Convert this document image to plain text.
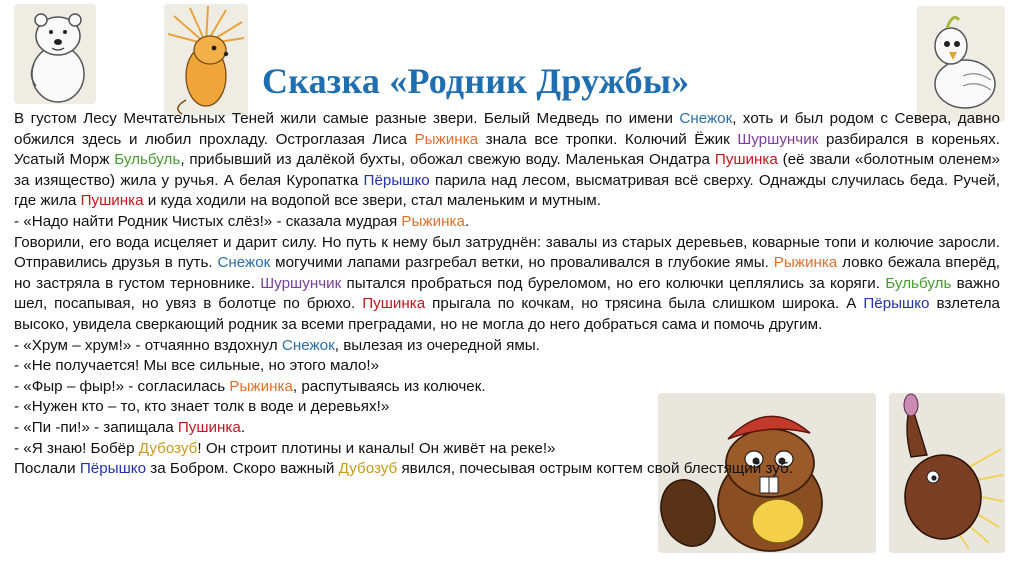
Сказка «Родник Дружбы»

В густом Лесу Мечтательных Теней жили самые разные звери. Белый Медведь по имени Снежок, хоть и был родом с Севера, давно обжился здесь и любил прохладу. Остроглазая Лиса Рыжинка знала все тропки. Колючий Ёжик Шуршунчик разбирался в кореньях. Усатый Морж Бульбуль, прибывший из далёкой бухты, обожал свежую воду. Маленькая Ондатра Пушинка (её звали «болотным оленем» за изящество) жила у ручья. А белая Куропатка Пёрышко парила над лесом, высматривая всё сверху. Однажды случилась беда. Ручей, где жила Пушинка и куда ходили на водопой все звери, стал маленьким и мутным.

- «Надо найти Родник Чистых слёз!» - сказала мудрая Рыжинка.

Говорили, его вода исцеляет и дарит силу. Но путь к нему был затруднён: завалы из старых деревьев, коварные топи и колючие заросли. Отправились друзья в путь. Снежок могучими лапами разгребал ветки, но проваливался в глубокие ямы. Рыжинка ловко бежала вперёд, но застряла в густом терновнике. Шуршунчик пытался пробраться под буреломом, но его колючки цеплялись за коряги. Бульбуль важно шел, посапывая, но увяз в болотце по брюхо. Пушинка прыгала по кочкам, но трясина была слишком широка. А Пёрышко взлетела высоко, увидела сверкающий родник за всеми преградами, но не могла до него добраться сама и помочь другим.

- «Хрум – хрум!» - отчаянно вздохнул Снежок, вылезая из очередной ямы.

- «Не получается! Мы все сильные, но этого мало!»

- «Фыр – фыр!» - согласилась Рыжинка, распутываясь из колючек.

- «Нужен кто – то, кто знает толк в воде и деревьях!»

- «Пи -пи!» - запищала Пушинка.

- «Я знаю! Бобёр Дубозуб! Он строит плотины и каналы! Он живёт на реке!»

Послали Пёрышко за Бобром. Скоро важный Дубозуб явился, почесывая острым когтем свой блестящий зуб.
